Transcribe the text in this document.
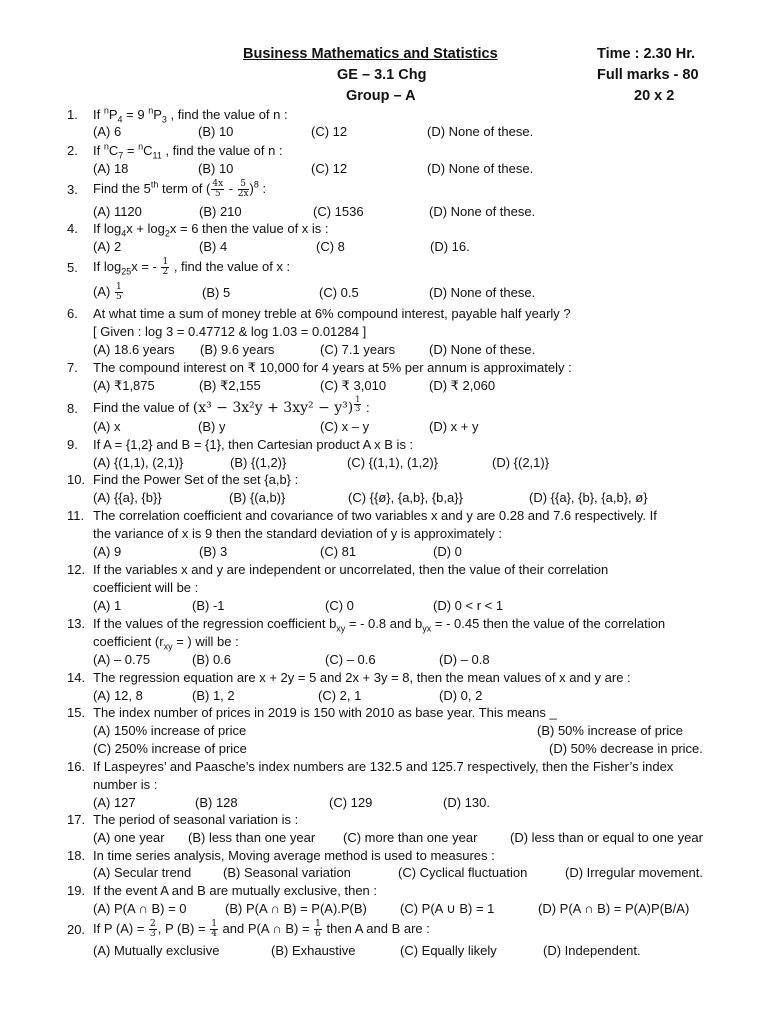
Business Mathematics and Statistics
GE – 3.1 Chg
Group – A
Time : 2.30 Hr.
Full marks - 80
20 x 2
1. If $^nP_4 = 9$ $^nP_3$ , find the value of n :
(A) 6	(B) 10	(C) 12	(D) None of these.
2. If $^nC_7 = ^nC_{11}$ , find the value of n :
(A) 18	(B) 10	(C) 12	(D) None of these.
3. Find the 5th term of ( $\frac{4x}{5} - \frac{5}{2x} )^8$ :
(A) 1120	(B) 210	(C) 1536	(D) None of these.
4. If $\log_4x + \log_2x = 6$ then the value of x is :
(A) 2	(B) 4	(C) 8	(D) 16.
5. If $\log_{25}x$ = - $\frac{1}{2}$ , find the value of x :
$(A) \frac{1}{5}$	(B) 5	(C) 0.5	(D) None of these.
6. At what time a sum of money treble at 6% compound interest, payable half yearly ?
[ Given : log 3 = 0.47712 & log 1.03 = 0.01284 ]
(A) 18.6 years (B) 9.6 years	(C) 7.1 years	(D) None of these.
7. The compound interest on ₹ 10,000 for 4 years at 5% per annum is approximately :
(A) ₹1,875	(B) ₹2,155	(C) ₹ 3,010	(D) ₹ 2,060
8. Find the value of (x³ − 3x²y + 3xy² − y³) $^{\frac{1}{3}}$ :
(A) x	(B) y	(C) x – y	(D) x + y
9. If A = {1,2} and B = {1}, then Cartesian product A x B is :
(A) {(1,1), (2,1)}	(B) {(1,2)}	(C) {(1,1), (1,2)}	(D) {(2,1)}
10. Find the Power Set of the set {a,b} :
(A) {{a}, {b}}	(B) {(a,b)}	(C) {{ø}, {a,b}, {b,a}}	(D) {{a}, {b}, {a,b}, ø}
11. The correlation coefficient and covariance of two variables x and y are 0.28 and 7.6 respectively. If
the variance of x is 9 then the standard deviation of y is approximately :
(A) 9	(B) 3	(C) 81	(D) 0
12. If the variables x and y are independent or uncorrelated, then the value of their correlation
coefficient will be :
(A) 1	(B) -1	(C) 0	(D) 0 < r < 1
13. If the values of the regression coefficient $b_{xy}$ = - 0.8 and $b_{yx}$ = - 0.45 then the value of the correlation
coefficient ($r_{xy}$ = ) will be :
(A) – 0.75	(B) 0.6	(C) – 0.6	(D) – 0.8
14. The regression equation are x + 2y = 5 and 2x + 3y = 8, then the mean values of x and y are :
(A) 12, 8	(B) 1, 2	(C) 2, 1	(D) 0, 2
15. The index number of prices in 2019 is 150 with 2010 as base year. This means _
(A) 150% increase of price	(B) 50% increase of price
(C) 250% increase of price	(D) 50% decrease in price.
16. If Laspeyres’ and Paasche’s index numbers are 132.5 and 125.7 respectively, then the Fisher’s index
number is :
(A) 127	(B) 128	(C) 129	(D) 130.
17. The period of seasonal variation is :
(A) one year (B) less than one year (C) more than one year	(D) less than or equal to one year
18. In time series analysis, Moving average method is used to measures :
(A) Secular trend (B) Seasonal variation	(C) Cyclical fluctuation	(D) Irregular movement.
19. If the event A and B are mutually exclusive, then :
(A) P(A ∩ B) = 0	(B) P(A ∩ B) = P(A).P(B)	(C) P(A ∪ B) = 1	(D) P(A ∩ B) = P(A)P(B/A)
20. If P $(A) = \frac{2}{3}$ , P $(B) = \frac{1}{4}$ and P(A ∩ $B) = \frac{1}{6}$ then A and B are :
(A) Mutually exclusive	(B) Exhaustive	(C) Equally likely	(D) Independent.
